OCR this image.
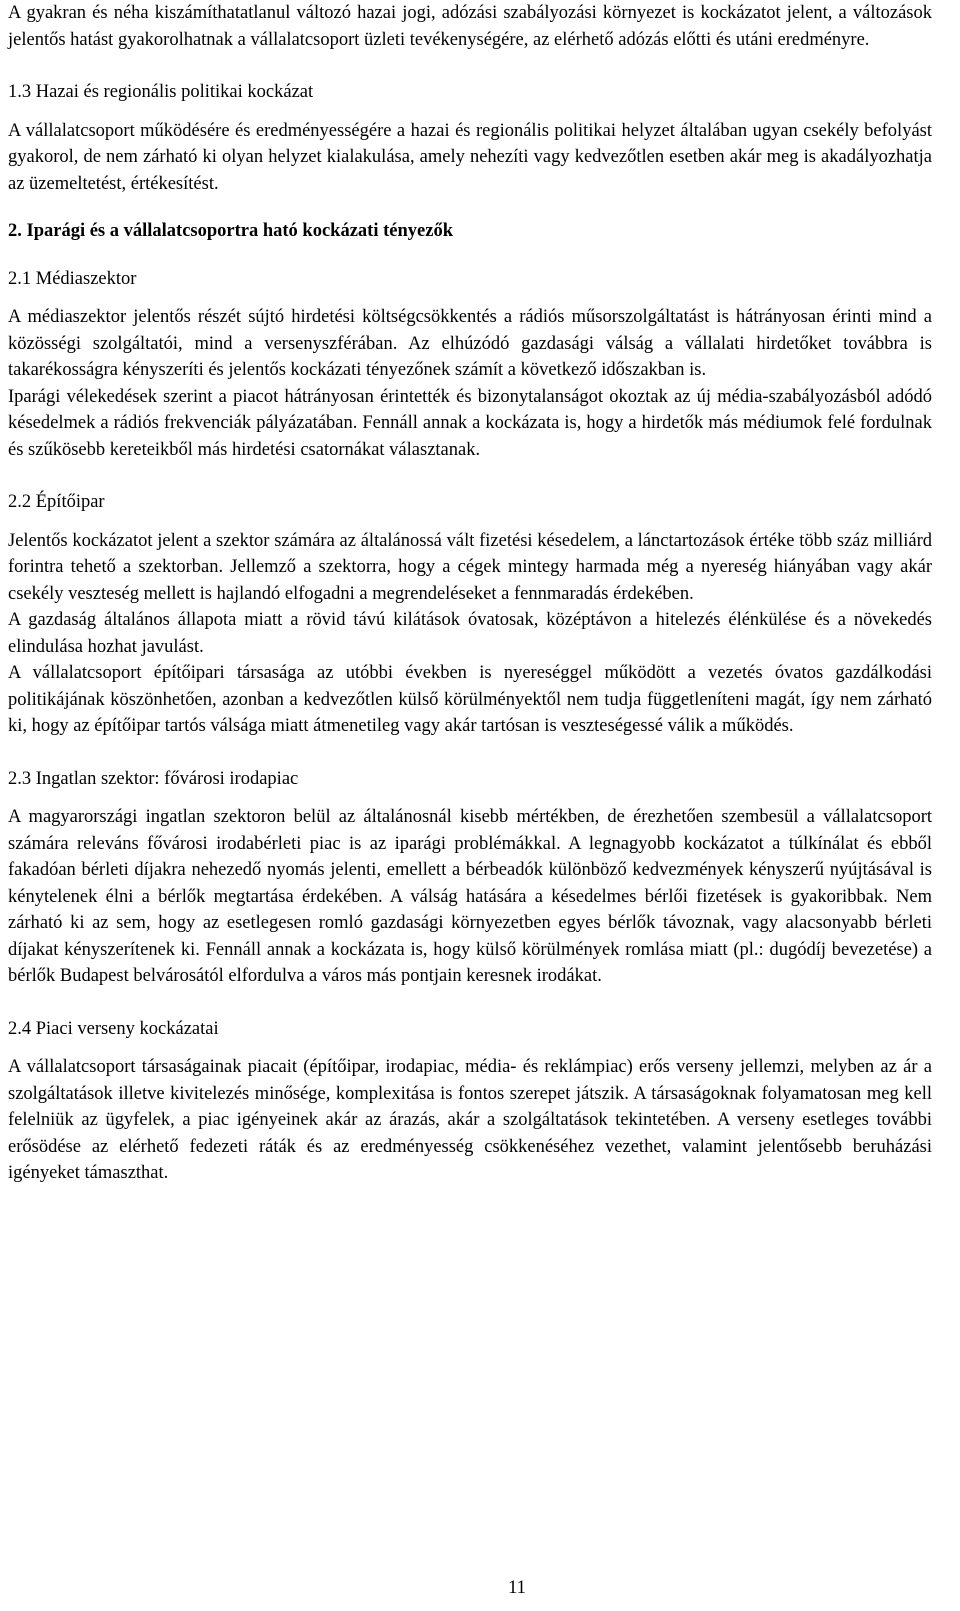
A gyakran és néha kiszámíthatatlanul változó hazai jogi, adózási szabályozási környezet is kockázatot jelent, a változások jelentős hatást gyakorolhatnak a vállalatcsoport üzleti tevékenységére, az elérhető adózás előtti és utáni eredményre.

1.3 Hazai és regionális politikai kockázat

A vállalatcsoport működésére és eredményességére a hazai és regionális politikai helyzet általában ugyan csekély befolyást gyakorol, de nem zárható ki olyan helyzet kialakulása, amely nehezíti vagy kedvezőtlen esetben akár meg is akadályozhatja az üzemeltetést, értékesítést.

2. Iparági és a vállalatcsoportra ható kockázati tényezők

2.1 Médiaszektor

A médiaszektor jelentős részét sújtó hirdetési költségcsökkentés a rádiós műsorszolgáltatást is hátrányosan érinti mind a közösségi szolgáltatói, mind a versenyszférában. Az elhúzódó gazdasági válság a vállalati hirdetőket továbbra is takarékosságra kényszeríti és jelentős kockázati tényezőnek számít a következő időszakban is.

Iparági vélekedések szerint a piacot hátrányosan érintették és bizonytalanságot okoztak az új média-szabályozásból adódó késedelmek a rádiós frekvenciák pályázatában. Fennáll annak a kockázata is, hogy a hirdetők más médiumok felé fordulnak és szűkösebb kereteikből más hirdetési csatornákat választanak.

2.2 Építőipar

Jelentős kockázatot jelent a szektor számára az általánossá vált fizetési késedelem, a lánctartozások értéke több száz milliárd forintra tehető a szektorban. Jellemző a szektorra, hogy a cégek mintegy harmada még a nyereség hiányában vagy akár csekély veszteség mellett is hajlandó elfogadni a megrendeléseket a fennmaradás érdekében.

A gazdaság általános állapota miatt a rövid távú kilátások óvatosak, középtávon a hitelezés élénkülése és a növekedés elindulása hozhat javulást.

A vállalatcsoport építőipari társasága az utóbbi években is nyereséggel működött a vezetés óvatos gazdálkodási politikájának köszönhetően, azonban a kedvezőtlen külső körülményektől nem tudja függetleníteni magát, így nem zárható ki, hogy az építőipar tartós válsága miatt átmenetileg vagy akár tartósan is veszteségessé válik a működés.

2.3 Ingatlan szektor: fővárosi irodapiac

A magyarországi ingatlan szektoron belül az általánosnál kisebb mértékben, de érezhetően szembesül a vállalatcsoport számára releváns fővárosi irodabérleti piac is az iparági problémákkal. A legnagyobb kockázatot a túlkínálat és ebből fakadóan bérleti díjakra nehezedő nyomás jelenti, emellett a bérbeadók különböző kedvezmények kényszerű nyújtásával is kénytelenek élni a bérlők megtartása érdekében. A válság hatására a késedelmes bérlői fizetések is gyakoribbak. Nem zárható ki az sem, hogy az esetlegesen romló gazdasági környezetben egyes bérlők távoznak, vagy alacsonyabb bérleti díjakat kényszerítenek ki. Fennáll annak a kockázata is, hogy külső körülmények romlása miatt (pl.: dugódíj bevezetése) a bérlők Budapest belvárosától elfordulva a város más pontjain keresnek irodákat.

2.4 Piaci verseny kockázatai

A vállalatcsoport társaságainak piacait (építőipar, irodapiac, média- és reklámpiac) erős verseny jellemzi, melyben az ár a szolgáltatások illetve kivitelezés minősége, komplexitása is fontos szerepet játszik. A társaságoknak folyamatosan meg kell felelniük az ügyfelek, a piac igényeinek akár az árazás, akár a szolgáltatások tekintetében. A verseny esetleges további erősödése az elérhető fedezeti ráták és az eredményesség csökkenéséhez vezethet, valamint jelentősebb beruházási igényeket támaszthat.

11
